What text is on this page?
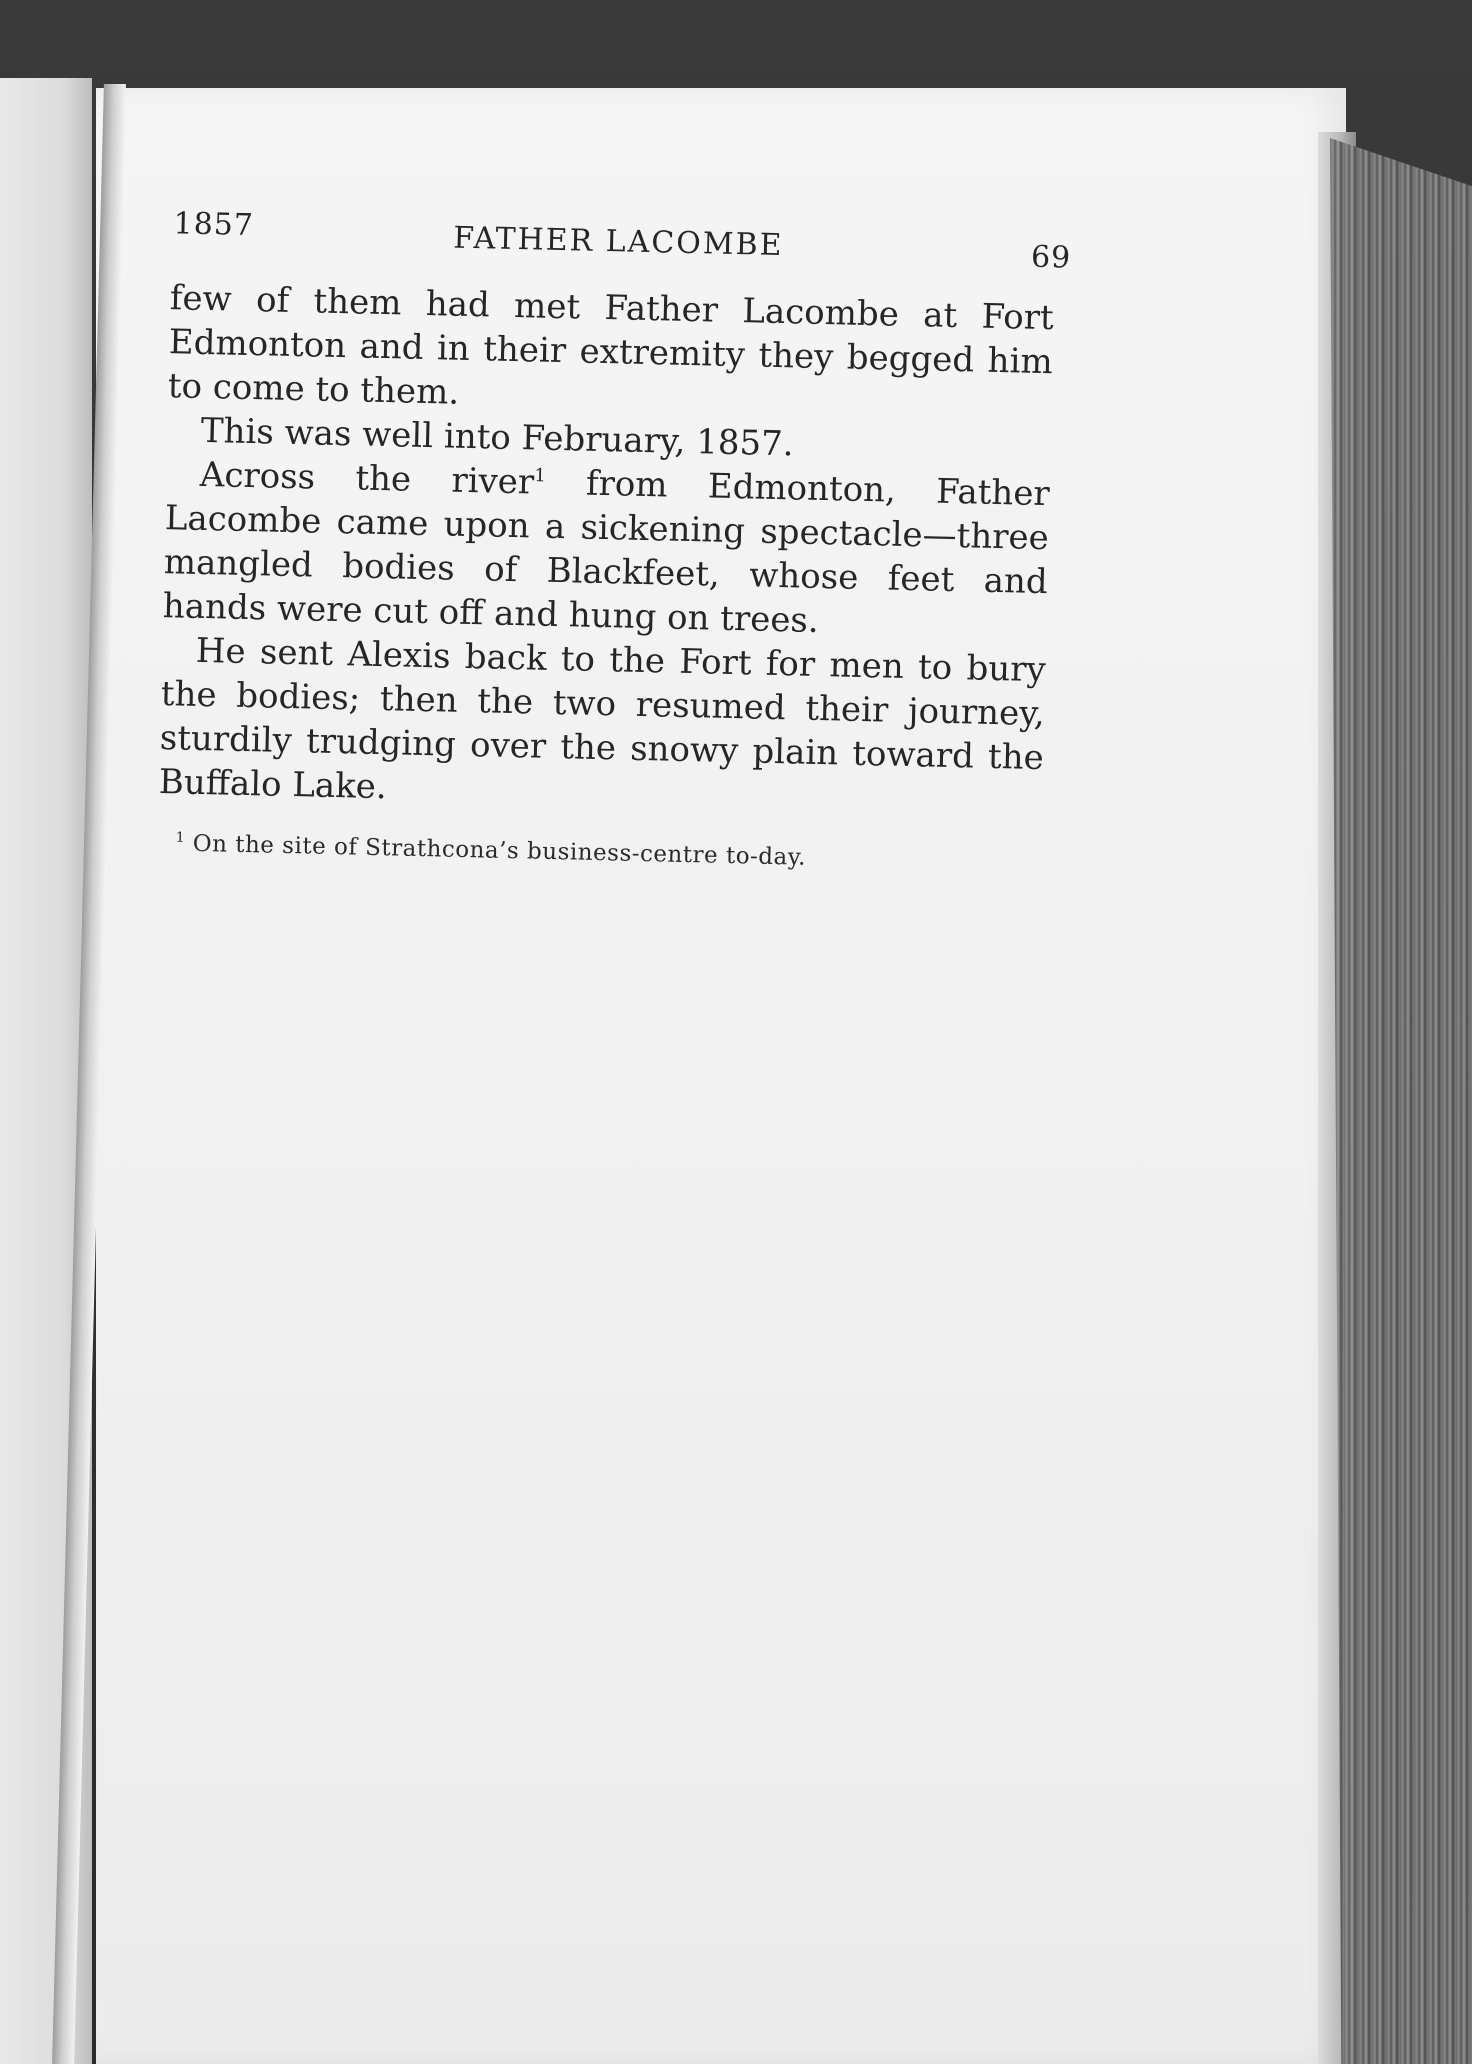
1857	FATHER LACOMBE	69

few of them had met Father Lacombe at Fort Edmonton and in their extremity they begged him to come to them.

This was well into February, 1857.

Across the river$^1$ from Edmonton, Father Lacombe came upon a sickening spectacle—three mangled bodies of Blackfeet, whose feet and hands were cut off and hung on trees.

He sent Alexis back to the Fort for men to bury the bodies; then the two resumed their journey, sturdily trudging over the snowy plain toward the Buffalo Lake.

$^1$ On the site of Strathcona’s business-centre to-day.
